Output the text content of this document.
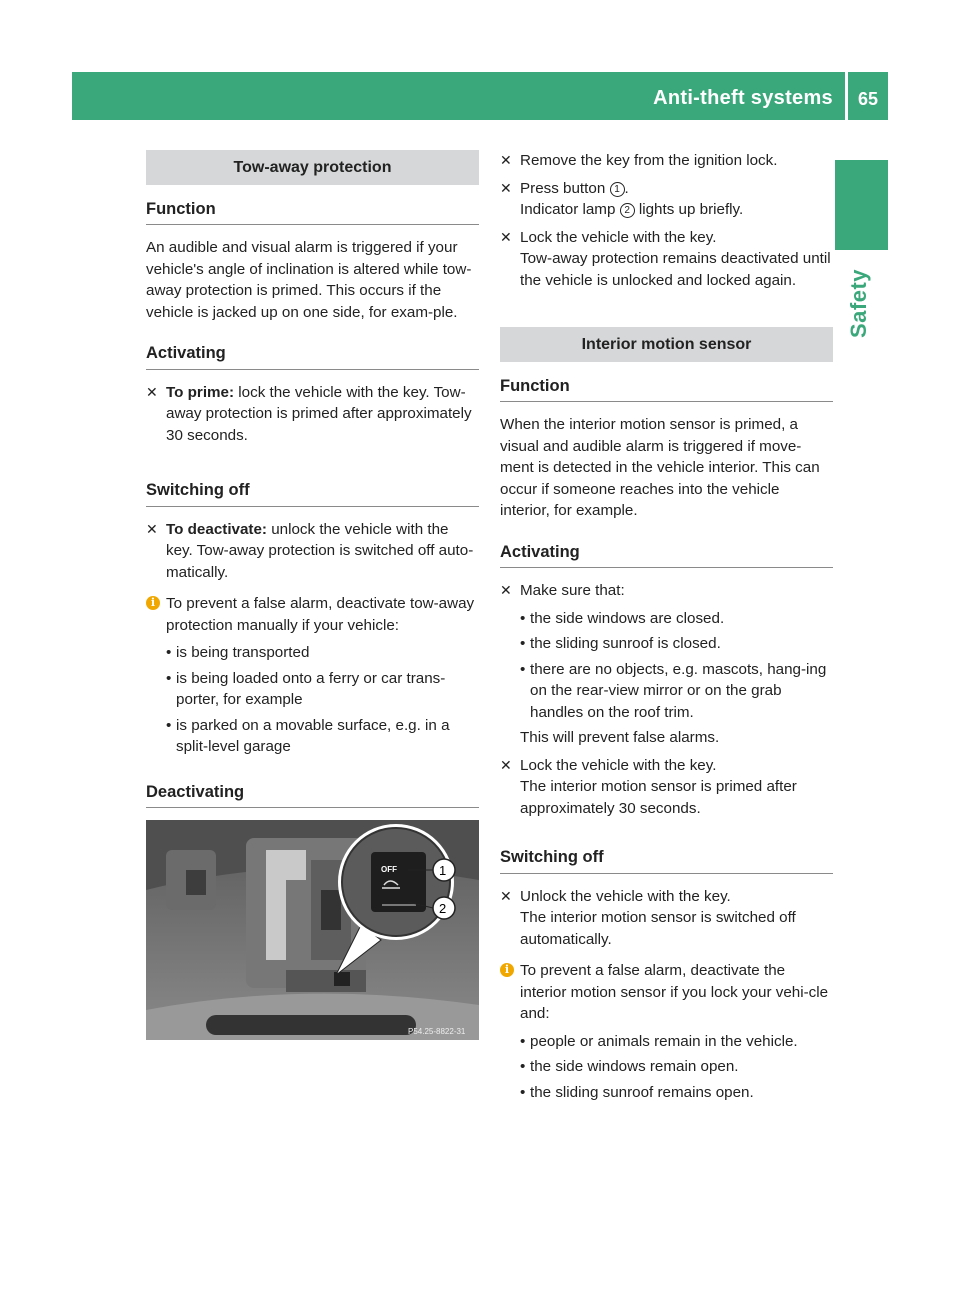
Anti-theft systems	65
Safety
Tow-away protection
Function

An audible and visual alarm is triggered if your vehicle's angle of inclination is altered while tow-away protection is primed. This occurs if the vehicle is jacked up on one side, for exam-ple.

Activating
✕ To prime: lock the vehicle with the key. Tow-away protection is primed after approximately 30 seconds.
Switching off
✕ To deactivate: unlock the vehicle with the key. Tow-away protection is switched off auto-matically.
i To prevent a false alarm, deactivate tow-away protection manually if your vehicle:
• is being transported
• is being loaded onto a ferry or car trans-porter, for example
• is parked on a movable surface, e.g. in a split-level garage
Deactivating
OFF	1
2
P54.25-8822-31
✕ Remove the key from the ignition lock.
✕ Press button 1 .
Indicator lamp 2 lights up briefly.
✕ Lock the vehicle with the key.
Tow-away protection remains deactivated until the vehicle is unlocked and locked again.
Interior motion sensor
Function

When the interior motion sensor is primed, a visual and audible alarm is triggered if move-ment is detected in the vehicle interior. This can occur if someone reaches into the vehicle interior, for example.

Activating
✕ Make sure that:
• the side windows are closed.
• the sliding sunroof is closed.
• there are no objects, e.g. mascots, hang-ing on the rear-view mirror or on the grab handles on the roof trim.
This will prevent false alarms.
✕ Lock the vehicle with the key.
The interior motion sensor is primed after approximately 30 seconds.
Switching off
✕ Unlock the vehicle with the key.
The interior motion sensor is switched off automatically.
i To prevent a false alarm, deactivate the interior motion sensor if you lock your vehi-cle and:
• people or animals remain in the vehicle.
• the side windows remain open.
• the sliding sunroof remains open.
